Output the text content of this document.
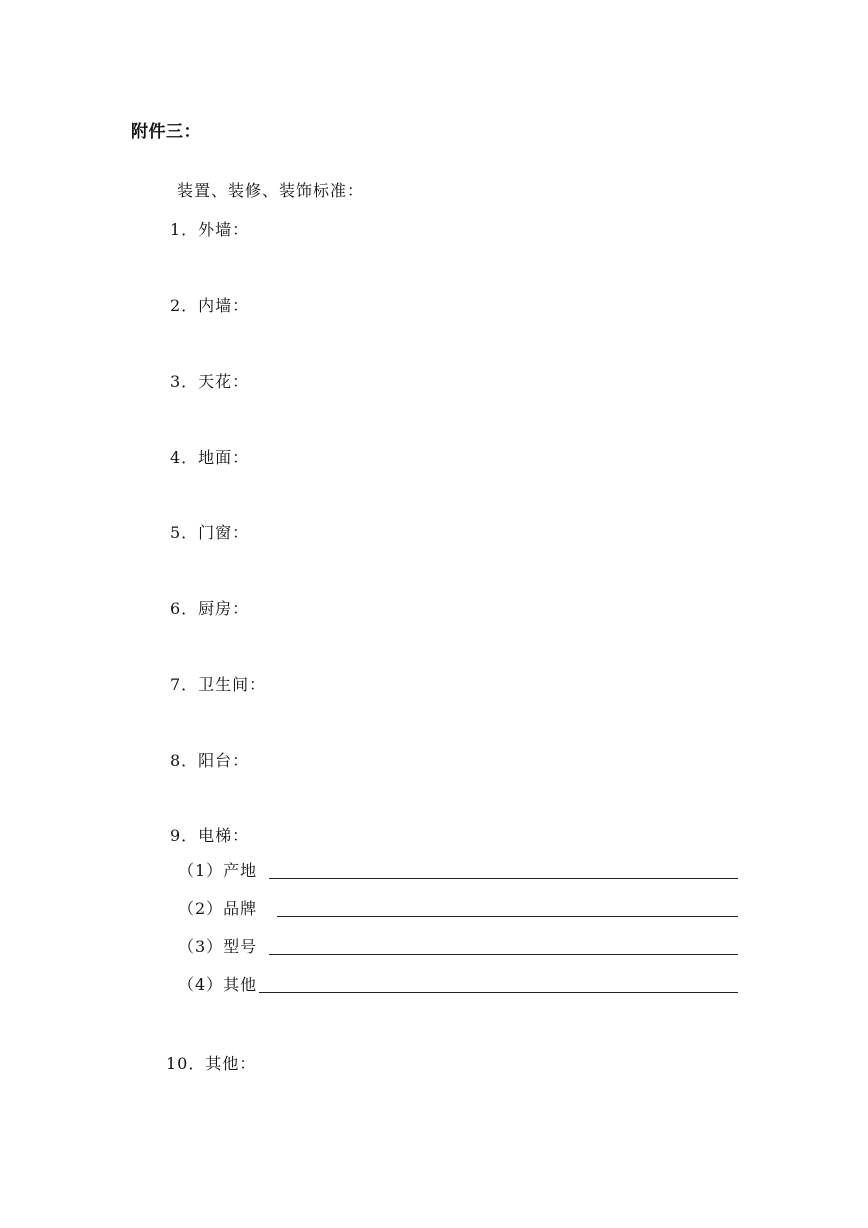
附件三：
装置、装修、装饰标准：
1．外墙：
2．内墙：
3．天花：
4．地面：
5．门窗：
6．厨房：
7．卫生间：
8．阳台：
9．电梯：
（1）产地
（2）品牌
（3）型号
（4）其他
10．其他：
